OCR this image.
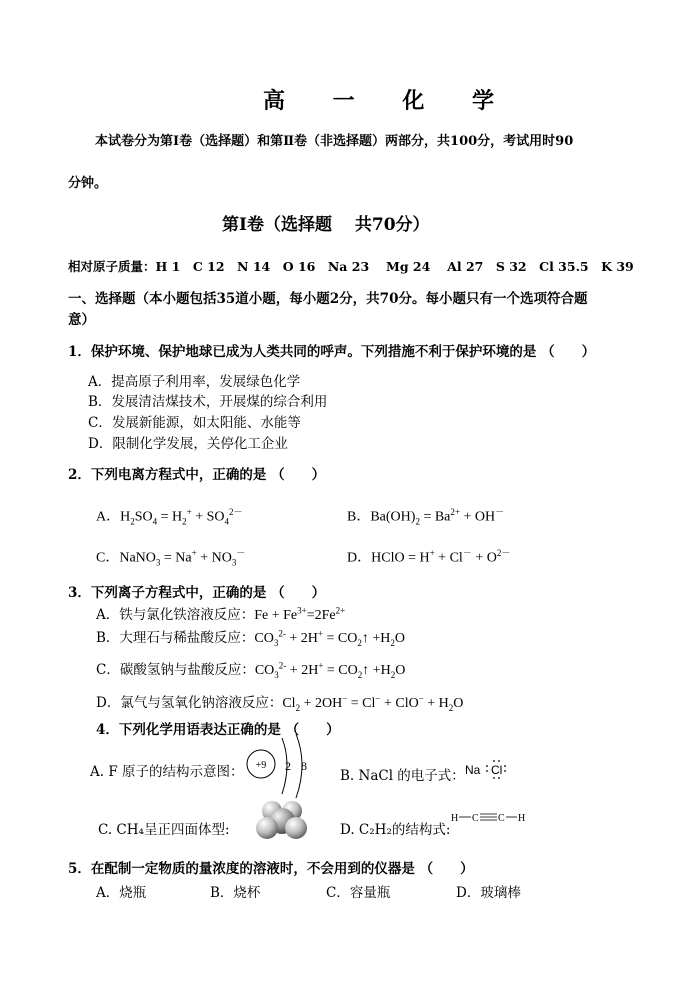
高 一 化 学
本试卷分为第Ⅰ卷（选择题）和第Ⅱ卷（非选择题）两部分，共100分，考试用时90
分钟。
第Ⅰ卷（选择题　 共70分）
相对原子质量：H 1　C 12　N 14　O 16　Na 23　 Mg 24　 Al 27　S 32　Cl 35.5　K 39
一、选择题（本小题包括35道小题，每小题2分，共70分。每小题只有一个选项符合题
意）
1．保护环境、保护地球已成为人类共同的呼声。下列措施不利于保护环境的是 （　　）
A．提高原子利用率，发展绿色化学
B．发展清洁煤技术，开展煤的综合利用
C．发展新能源，如太阳能、水能等
D．限制化学发展，关停化工企业
2．下列电离方程式中，正确的是 （　　）
A．$H_2SO_4 = H_2^+ + SO_4^{2-}$	B．$Ba(OH)_2 = Ba^{2+} + OH^-$
C．NaNO$_3$ = $Na^+ + NO_3^-$	D．HClO = $H^+ + Cl^- + O^{2-}$
3．下列离子方程式中，正确的是 （　　）
A．铁与氯化铁溶液反应：$Fe + Fe^{3+}=2Fe^{2+}$
B．大理石与稀盐酸反应：$CO_3^{2-} + 2H^+$ = $CO_2↑ +H_2O$
C．碳酸氢钠与盐酸反应：$CO_3^{2-} + 2H^+$ = $CO_2↑ +H_2O$
D．氯气与氢氧化钠溶液反应：$Cl_2 + 2OH^- = Cl^- + ClO^- + H_2O$
4．下列化学用语表达正确的是 （　　）
A. F 原子的结构示意图： +9 2 8
B. NaCl 的电子式： Na Cl
C. CH₄呈正四面体型:	D. C₂H₂的结构式:
H C C H
5．在配制一定物质的量浓度的溶液时，不会用到的仪器是 （　　）
A．烧瓶	B．烧杯	C．容量瓶	D．玻璃棒
